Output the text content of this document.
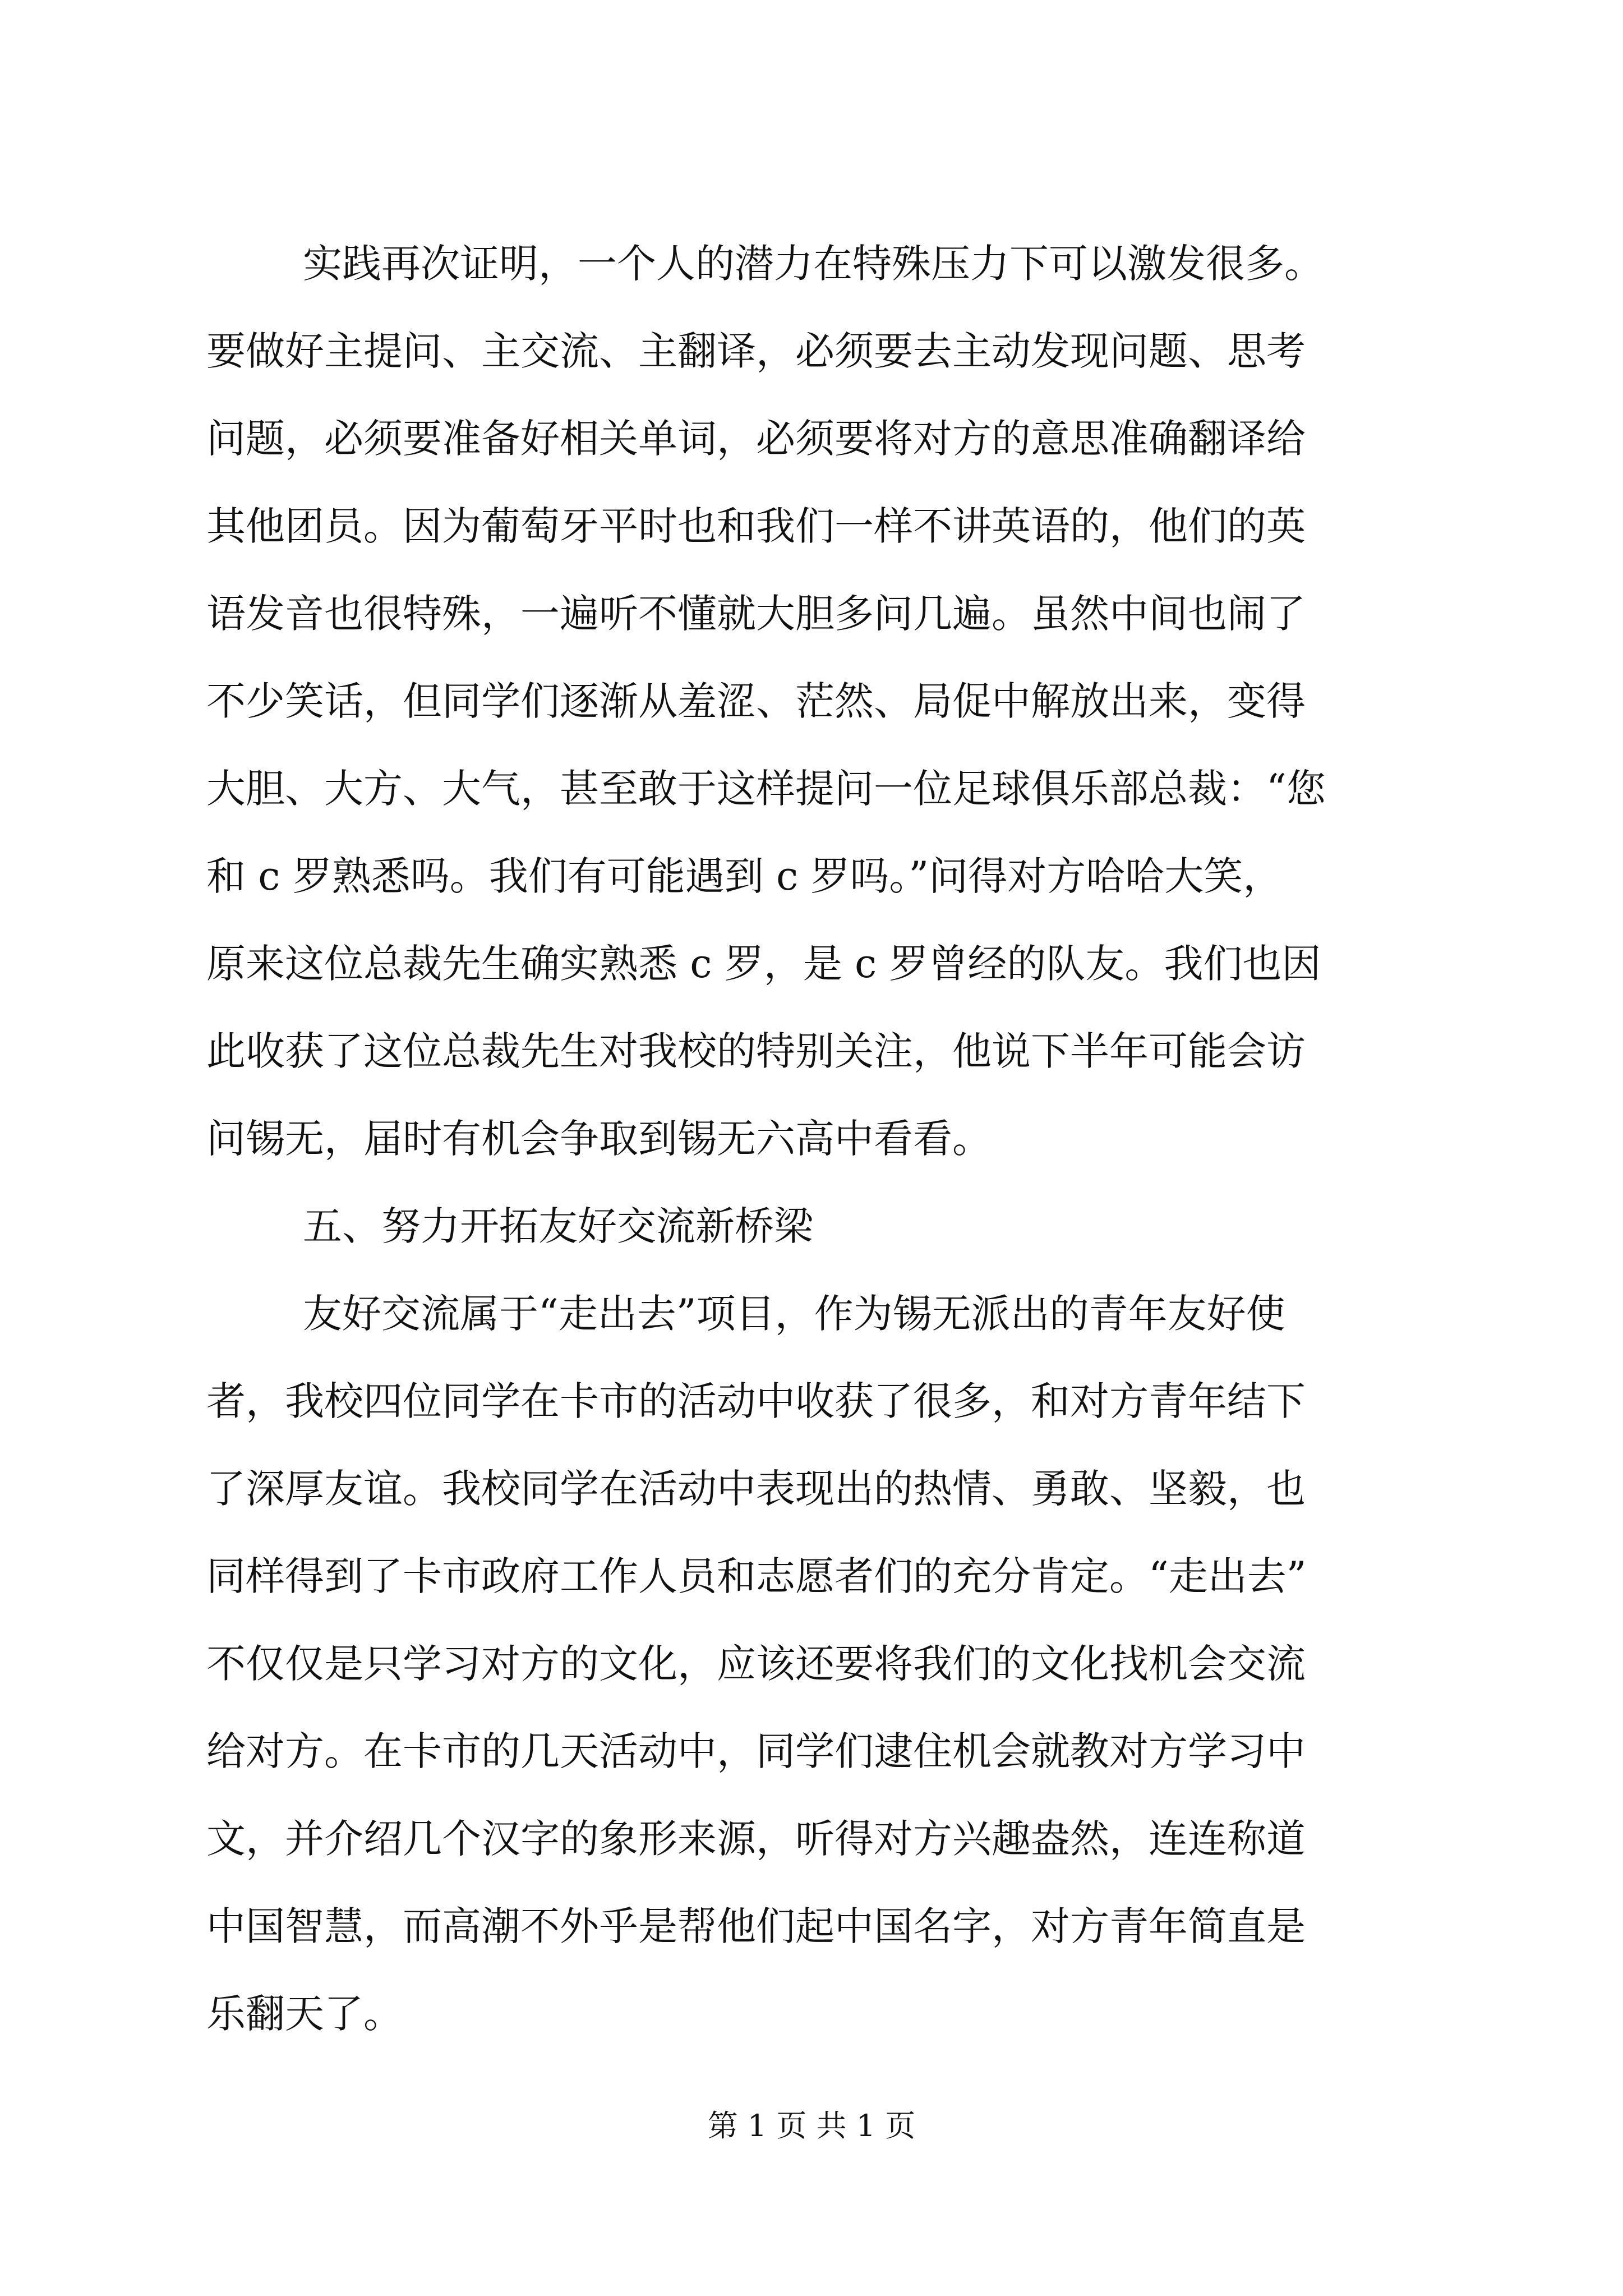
实践再次证明，一个人的潜力在特殊压力下可以激发很多。
要做好主提问、主交流、主翻译，必须要去主动发现问题、思考
问题，必须要准备好相关单词，必须要将对方的意思准确翻译给
其他团员。因为葡萄牙平时也和我们一样不讲英语的，他们的英
语发音也很特殊，一遍听不懂就大胆多问几遍。虽然中间也闹了
不少笑话，但同学们逐渐从羞涩、茫然、局促中解放出来，变得
大胆、大方、大气，甚至敢于这样提问一位足球俱乐部总裁：“您
和 c 罗熟悉吗。我们有可能遇到 c 罗吗。”问得对方哈哈大笑，
原来这位总裁先生确实熟悉 c 罗，是 c 罗曾经的队友。我们也因
此收获了这位总裁先生对我校的特别关注，他说下半年可能会访
问锡无，届时有机会争取到锡无六高中看看。
五、努力开拓友好交流新桥梁
友好交流属于“走出去”项目，作为锡无派出的青年友好使
者，我校四位同学在卡市的活动中收获了很多，和对方青年结下
了深厚友谊。我校同学在活动中表现出的热情、勇敢、坚毅，也
同样得到了卡市政府工作人员和志愿者们的充分肯定。“走出去”
不仅仅是只学习对方的文化，应该还要将我们的文化找机会交流
给对方。在卡市的几天活动中，同学们逮住机会就教对方学习中
文，并介绍几个汉字的象形来源，听得对方兴趣盎然，连连称道
中国智慧，而高潮不外乎是帮他们起中国名字，对方青年简直是
乐翻天了。
第 1 页 共 1 页
